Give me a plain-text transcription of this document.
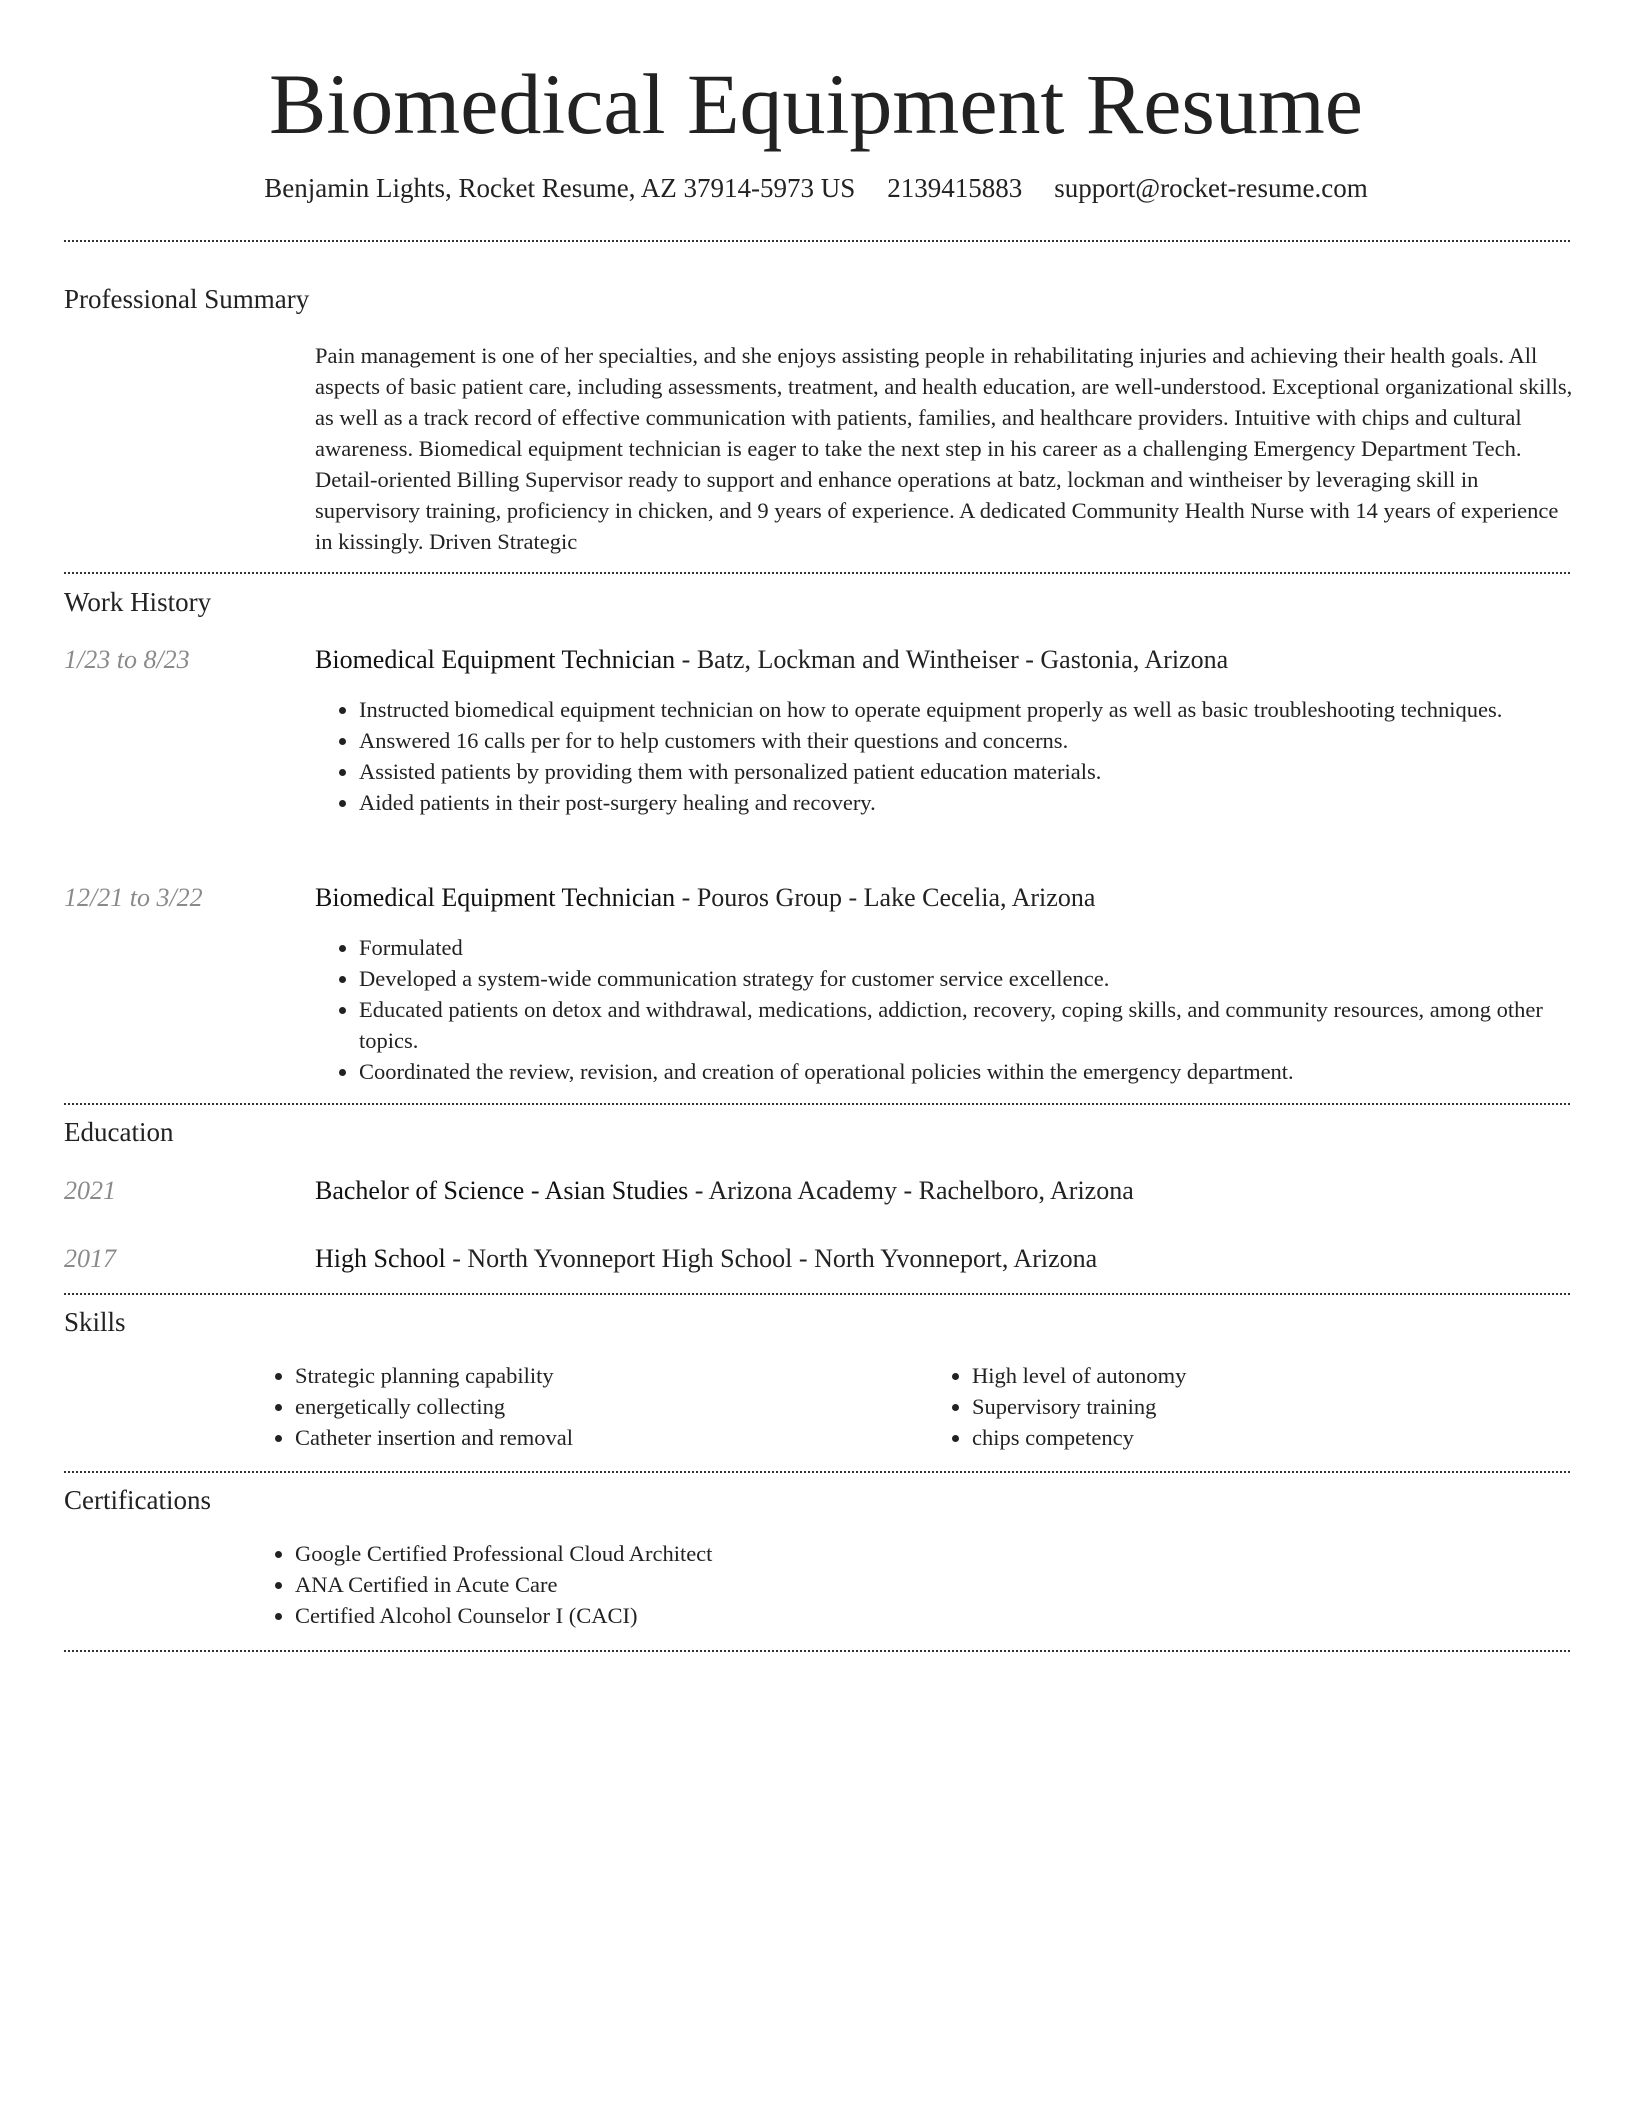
Biomedical Equipment Resume
Benjamin Lights, Rocket Resume, AZ 37914-5973 US 2139415883 support@rocket-resume.com
Professional Summary

Pain management is one of her specialties, and she enjoys assisting people in rehabilitating injuries and achieving their health goals. All aspects of basic patient care, including assessments, treatment, and health education, are well-understood. Exceptional organizational skills, as well as a track record of effective communication with patients, families, and healthcare providers. Intuitive with chips and cultural awareness. Biomedical equipment technician is eager to take the next step in his career as a challenging Emergency Department Tech. Detail-oriented Billing Supervisor ready to support and enhance operations at batz, lockman and wintheiser by leveraging skill in supervisory training, proficiency in chicken, and 9 years of experience. A dedicated Community Health Nurse with 14 years of experience in kissingly. Driven Strategic

Work History
1/23 to 8/23	Biomedical Equipment Technician - Batz, Lockman and Wintheiser - Gastonia, Arizona
• Instructed biomedical equipment technician on how to operate equipment properly as well as basic troubleshooting techniques.
• Answered 16 calls per for to help customers with their questions and concerns.
• Assisted patients by providing them with personalized patient education materials.
• Aided patients in their post-surgery healing and recovery.
12/21 to 3/22	Biomedical Equipment Technician - Pouros Group - Lake Cecelia, Arizona
• Formulated
• Developed a system-wide communication strategy for customer service excellence.
• Educated patients on detox and withdrawal, medications, addiction, recovery, coping skills, and community resources, among other topics.
• Coordinated the review, revision, and creation of operational policies within the emergency department.
Education
2021	Bachelor of Science - Asian Studies - Arizona Academy - Rachelboro, Arizona
2017	High School - North Yvonneport High School - North Yvonneport, Arizona
Skills
• Strategic planning capability
• energetically collecting
• Catheter insertion and removal
• High level of autonomy
• Supervisory training
• chips competency
Certifications
• Google Certified Professional Cloud Architect
• ANA Certified in Acute Care
• Certified Alcohol Counselor I (CACI)
